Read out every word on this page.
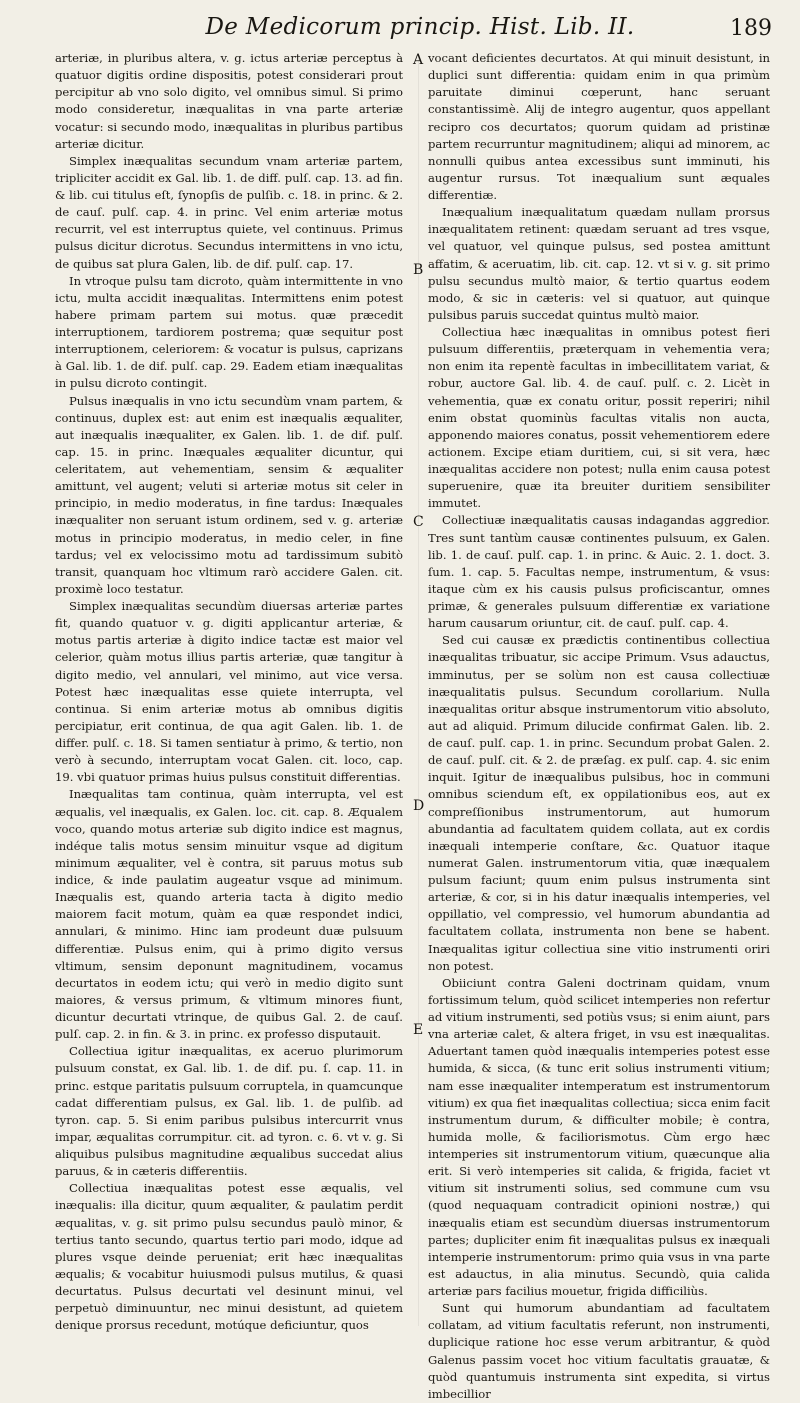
De Medicorum princip. Hist. Lib. II.	189

arteriæ, in pluribus altera, v. g. ictus arteriæ perceptus à quatuor digitis ordine dispositis, potest considerari prout percipitur ab vno solo digito, vel omnibus simul. Si primo modo consideretur, inæqualitas in vna parte arteriæ vocatur: si secundo modo, inæqualitas in pluribus partibus arteriæ dicitur.

Simplex inæqualitas secundum vnam arteriæ partem, tripliciter accidit ex Gal. lib. 1. de diff. pulſ. cap. 13. ad fin. & lib. cui titulus eſt, ſynopſis de pulſib. c. 18. in princ. & 2. de cauſ. pulſ. cap. 4. in princ. Vel enim arteriæ motus recurrit, vel est interruptus quiete, vel continuus. Primus pulsus dicitur dicrotus. Secundus intermittens in vno ictu, de quibus sat plura Galen, lib. de dif. pulſ. cap. 17.

In vtroque pulsu tam dicroto, quàm intermittente in vno ictu, multa accidit inæqualitas. Intermittens enim potest habere primam partem sui motus. quæ præcedit interruptionem, tardiorem postrema; quæ sequitur post interruptionem, celeriorem: & vocatur is pulsus, caprizans à Gal. lib. 1. de dif. pulſ. cap. 29. Eadem etiam inæqualitas in pulsu dicroto contingit.

Pulsus inæqualis in vno ictu secundùm vnam partem, & continuus, duplex est: aut enim est inæqualis æqualiter, aut inæqualis inæqualiter, ex Galen. lib. 1. de dif. pulſ. cap. 15. in princ. Inæquales æqualiter dicuntur, qui celeritatem, aut vehementiam, sensim & æqualiter amittunt, vel augent; veluti si arteriæ motus sit celer in principio, in medio moderatus, in fine tardus: Inæquales inæqualiter non seruant istum ordinem, sed v. g. arteriæ motus in principio moderatus, in medio celer, in fine tardus; vel ex velocissimo motu ad tardissimum subitò transit, quanquam hoc vltimum rarò accidere Galen. cit. proximè loco testatur.

Simplex inæqualitas secundùm diuersas arteriæ partes fit, quando quatuor v. g. digiti applicantur arteriæ, & motus partis arteriæ à digito indice tactæ est maior vel celerior, quàm motus illius partis arteriæ, quæ tangitur à digito medio, vel annulari, vel minimo, aut vice versa. Potest hæc inæqualitas esse quiete interrupta, vel continua. Si enim arteriæ motus ab omnibus digitis percipiatur, erit continua, de qua agit Galen. lib. 1. de differ. pulſ. c. 18. Si tamen sentiatur à primo, & tertio, non verò à secundo, interruptam vocat Galen. cit. loco, cap. 19. vbi quatuor primas huius pulsus constituit differentias.

Inæqualitas tam continua, quàm interrupta, vel est æqualis, vel inæqualis, ex Galen. loc. cit. cap. 8. Æqualem voco, quando motus arteriæ sub digito indice est magnus, indéque talis motus sensim minuitur vsque ad digitum minimum æqualiter, vel è contra, sit paruus motus sub indice, & inde paulatim augeatur vsque ad minimum. Inæqualis est, quando arteria tacta à digito medio maiorem facit motum, quàm ea quæ respondet indici, annulari, & minimo. Hinc iam prodeunt duæ pulsuum differentiæ. Pulsus enim, qui à primo digito versus vltimum, sensim deponunt magnitudinem, vocamus decurtatos in eodem ictu; qui verò in medio digito sunt maiores, & versus primum, & vltimum minores fiunt, dicuntur decurtati vtrinque, de quibus Gal. 2. de cauſ. pulſ. cap. 2. in fin. & 3. in princ. ex professo disputauit.

Collectiua igitur inæqualitas, ex aceruo plurimorum pulsuum constat, ex Gal. lib. 1. de dif. pu. ſ. cap. 11. in princ. estque paritatis pulsuum corruptela, in quamcunque cadat differentiam pulsus, ex Gal. lib. 1. de pulſib. ad tyron. cap. 5. Si enim paribus pulsibus intercurrit vnus impar, æqualitas corrumpitur. cit. ad tyron. c. 6. vt v. g. Si aliquibus pulsibus magnitudine æqualibus succedat alius paruus, & in cæteris differentiis.

Collectiua inæqualitas potest esse æqualis, vel inæqualis: illa dicitur, quum æqualiter, & paulatim perdit æqualitas, v. g. sit primo pulsu secundus paulò minor, & tertius tanto secundo, quartus tertio pari modo, idque ad plures vsque deinde perueniat; erit hæc inæqualitas æqualis; & vocabitur huiusmodi pulsus mutilus, & quasi decurtatus. Pulsus decurtati vel desinunt minui, vel perpetuò diminuuntur, nec minui desistunt, ad quietem denique prorsus recedunt, motúque deficiuntur, quos

A
B
C
D
E

vocant deficientes decurtatos. At qui minuit desistunt, in duplici sunt differentia: quidam enim in qua primùm paruitate diminui cœperunt, hanc seruant constantissimè. Alij de integro augentur, quos appellant recipro cos decurtatos; quorum quidam ad pristinæ partem recurruntur magnitudinem; aliqui ad minorem, ac nonnulli quibus antea excessibus sunt imminuti, his augentur rursus. Tot inæqualium sunt æquales differentiæ.

Inæqualium inæqualitatum quædam nullam prorsus inæqualitatem retinent: quædam seruant ad tres vsque, vel quatuor, vel quinque pulsus, sed postea amittunt affatim, & aceruatim, lib. cit. cap. 12. vt si v. g. sit primo pulsu secundus multò maior, & tertio quartus eodem modo, & sic in cæteris: vel si quatuor, aut quinque pulsibus paruis succedat quintus multò maior.

Collectiua hæc inæqualitas in omnibus potest fieri pulsuum differentiis, præterquam in vehementia vera; non enim ita repentè facultas in imbecillitatem variat, & robur, auctore Gal. lib. 4. de cauſ. pulſ. c. 2. Licèt in vehementia, quæ ex conatu oritur, possit reperiri; nihil enim obstat quominùs facultas vitalis non aucta, apponendo maiores conatus, possit vehementiorem edere actionem. Excipe etiam duritiem, cui, si sit vera, hæc inæqualitas accidere non potest; nulla enim causa potest superuenire, quæ ita breuiter duritiem sensibiliter immutet.

Collectiuæ inæqualitatis causas indagandas aggredior. Tres sunt tantùm causæ continentes pulsuum, ex Galen. lib. 1. de cauſ. pulſ. cap. 1. in princ. & Auic. 2. 1. doct. 3. ſum. 1. cap. 5. Facultas nempe, instrumentum, & vsus: itaque cùm ex his causis pulsus proficiscantur, omnes primæ, & generales pulsuum differentiæ ex variatione harum causarum oriuntur, cit. de cauſ. pulſ. cap. 4.

Sed cui causæ ex prædictis continentibus collectiua inæqualitas tribuatur, sic accipe Primum. Vsus adauctus, imminutus, per se solùm non est causa collectiuæ inæqualitatis pulsus. Secundum corollarium. Nulla inæqualitas oritur absque instrumentorum vitio absoluto, aut ad aliquid. Primum dilucide confirmat Galen. lib. 2. de cauſ. pulſ. cap. 1. in princ. Secundum probat Galen. 2. de cauſ. pulſ. cit. & 2. de præſag. ex pulſ. cap. 4. sic enim inquit. Igitur de inæqualibus pulsibus, hoc in communi omnibus sciendum eſt, ex oppilationibus eos, aut ex compreſſionibus instrumentorum, aut humorum abundantia ad facultatem quidem collata, aut ex cordis inæquali intemperie conſtare, &c. Quatuor itaque numerat Galen. instrumentorum vitia, quæ inæqualem pulsum faciunt; quum enim pulsus instrumenta sint arteriæ, & cor, si in his datur inæqualis intemperies, vel oppillatio, vel compressio, vel humorum abundantia ad facultatem collata, instrumenta non bene se habent. Inæqualitas igitur collectiua sine vitio instrumenti oriri non potest.

Obiiciunt contra Galeni doctrinam quidam, vnum fortissimum telum, quòd scilicet intemperies non refertur ad vitium instrumenti, sed potiùs vsus; si enim aiunt, pars vna arteriæ calet, & altera friget, in vsu est inæqualitas. Aduertant tamen quòd inæqualis intemperies potest esse humida, & sicca, (& tunc erit solius instrumenti vitium; nam esse inæqualiter intemperatum est instrumentorum vitium) ex qua fiet inæqualitas collectiua; sicca enim facit instrumentum durum, & difficulter mobile; è contra, humida molle, & faciliorismotus. Cùm ergo hæc intemperies sit instrumentorum vitium, quæcunque alia erit. Si verò intemperies sit calida, & frigida, faciet vt vitium sit instrumenti solius, sed commune cum vsu (quod nequaquam contradicit opinioni nostræ,) qui inæqualis etiam est secundùm diuersas instrumentorum partes; dupliciter enim fit inæqualitas pulsus ex inæquali intemperie instrumentorum: primo quia vsus in vna parte est adauctus, in alia minutus. Secundò, quia calida arteriæ pars facilius mouetur, frigida difficiliùs.

Sunt qui humorum abundantiam ad facultatem collatam, ad vitium facultatis referunt, non instrumenti, duplicique ratione hoc esse verum arbitrantur, & quòd Galenus passim vocet hoc vitium facultatis grauatæ, & quòd quantumuis instrumenta sint expedita, si virtus imbecillior
